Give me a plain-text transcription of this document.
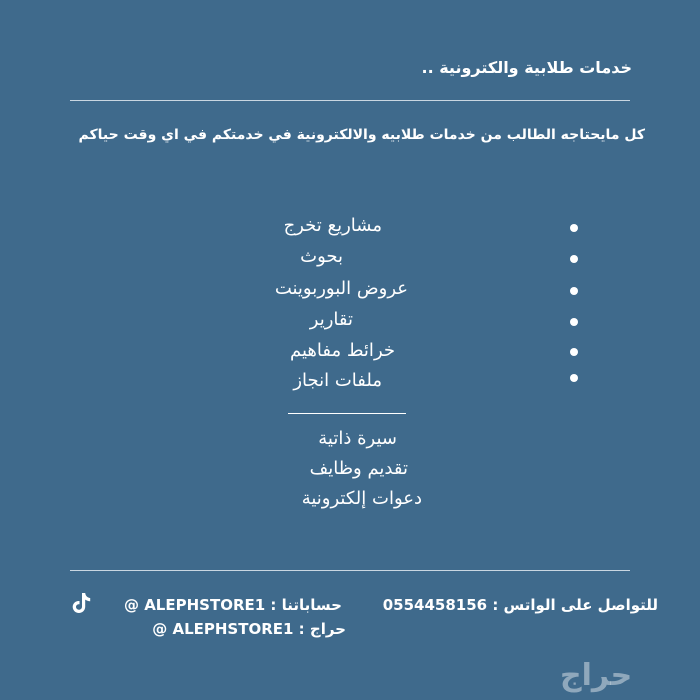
خدمات طلابية والكترونية ..
كل مايحتاجه الطالب من خدمات طلابيه والالكترونية في خدمتكم في اي وقت حياكم
مشاريع تخرج
بحوث
عروض البوربوينت
تقارير
خرائط مفاهيم
ملفات انجاز
سيرة ذاتية
تقديم وظايف
دعوات إلكترونية
للتواصل على الواتس : 0554458156
حساباتنا : ALEPHSTORE1 @
حراج : ALEPHSTORE1 @
حراج
